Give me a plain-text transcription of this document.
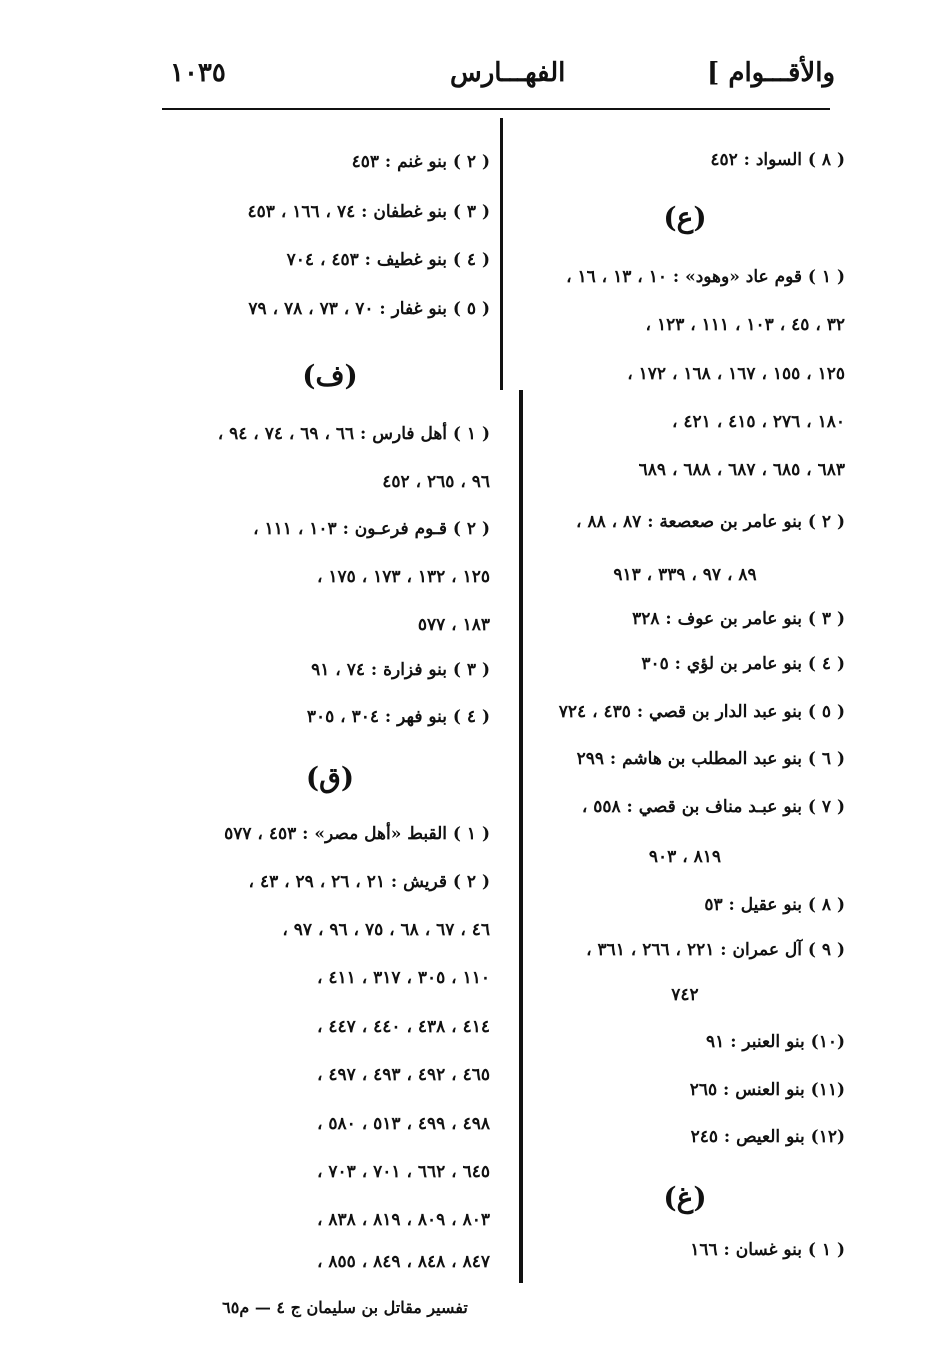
والأقـــوام ]
الفهـــارس
١٠٣٥
( ٨ ) السواد : ٤٥٢
(ع)
( ١ ) قوم عاد «وهود» : ١٠ ، ١٣ ، ١٦ ،
٣٢ ، ٤٥ ، ١٠٣ ، ١١١ ، ١٢٣ ،
١٢٥ ، ١٥٥ ، ١٦٧ ، ١٦٨ ، ١٧٢ ،
١٨٠ ، ٢٧٦ ، ٤١٥ ، ٤٢١ ،
٦٨٣ ، ٦٨٥ ، ٦٨٧ ، ٦٨٨ ، ٦٨٩
( ٢ ) بنو عامر بن صعصعة : ٨٧ ، ٨٨ ،
٨٩ ، ٩٧ ، ٣٣٩ ، ٩١٣
( ٣ ) بنو عامر بن عوف : ٣٢٨
( ٤ ) بنو عامر بن لؤي : ٣٠٥
( ٥ ) بنو عبد الدار بن قصي : ٤٣٥ ، ٧٢٤
( ٦ ) بنو عبد المطلب بن هاشم : ٢٩٩
( ٧ ) بنو عبـد مناف بن قصي : ٥٥٨ ،
٨١٩ ، ٩٠٣
( ٨ ) بنو عقيل : ٥٣
( ٩ ) آل عمران : ٢٢١ ، ٢٦٦ ، ٣٦١ ،
٧٤٢
(١٠) بنو العنبر : ٩١
(١١) بنو العنس : ٢٦٥
(١٢) بنو العيص : ٢٤٥
(غ)
( ١ ) بنو غسان : ١٦٦
( ٢ ) بنو غنم : ٤٥٣
( ٣ ) بنو غطفان : ٧٤ ، ١٦٦ ، ٤٥٣
( ٤ ) بنو غطيف : ٤٥٣ ، ٧٠٤
( ٥ ) بنو غفار : ٧٠ ، ٧٣ ، ٧٨ ، ٧٩
(ف)
( ١ ) أهل فارس : ٦٦ ، ٦٩ ، ٧٤ ، ٩٤ ،
٩٦ ، ٢٦٥ ، ٤٥٢
( ٢ ) قـوم فرعـون : ١٠٣ ، ١١١ ،
١٢٥ ، ١٣٢ ، ١٧٣ ، ١٧٥ ،
١٨٣ ، ٥٧٧
( ٣ ) بنو فزارة : ٧٤ ، ٩١
( ٤ ) بنو فهر : ٣٠٤ ، ٣٠٥
(ق)
( ١ ) القبط «أهل مصر» : ٤٥٣ ، ٥٧٧
( ٢ ) قريش : ٢١ ، ٢٦ ، ٢٩ ، ٤٣ ،
٤٦ ، ٦٧ ، ٦٨ ، ٧٥ ، ٩٦ ، ٩٧ ،
١١٠ ، ٣٠٥ ، ٣١٧ ، ٤١١ ،
٤١٤ ، ٤٣٨ ، ٤٤٠ ، ٤٤٧ ،
٤٦٥ ، ٤٩٢ ، ٤٩٣ ، ٤٩٧ ،
٤٩٨ ، ٤٩٩ ، ٥١٣ ، ٥٨٠ ،
٦٤٥ ، ٦٦٢ ، ٧٠١ ، ٧٠٣ ،
٨٠٣ ، ٨٠٩ ، ٨١٩ ، ٨٣٨ ،
٨٤٧ ، ٨٤٨ ، ٨٤٩ ، ٨٥٥ ،
تفسير مقاتل بن سليمان ج ٤ — م٦٥
